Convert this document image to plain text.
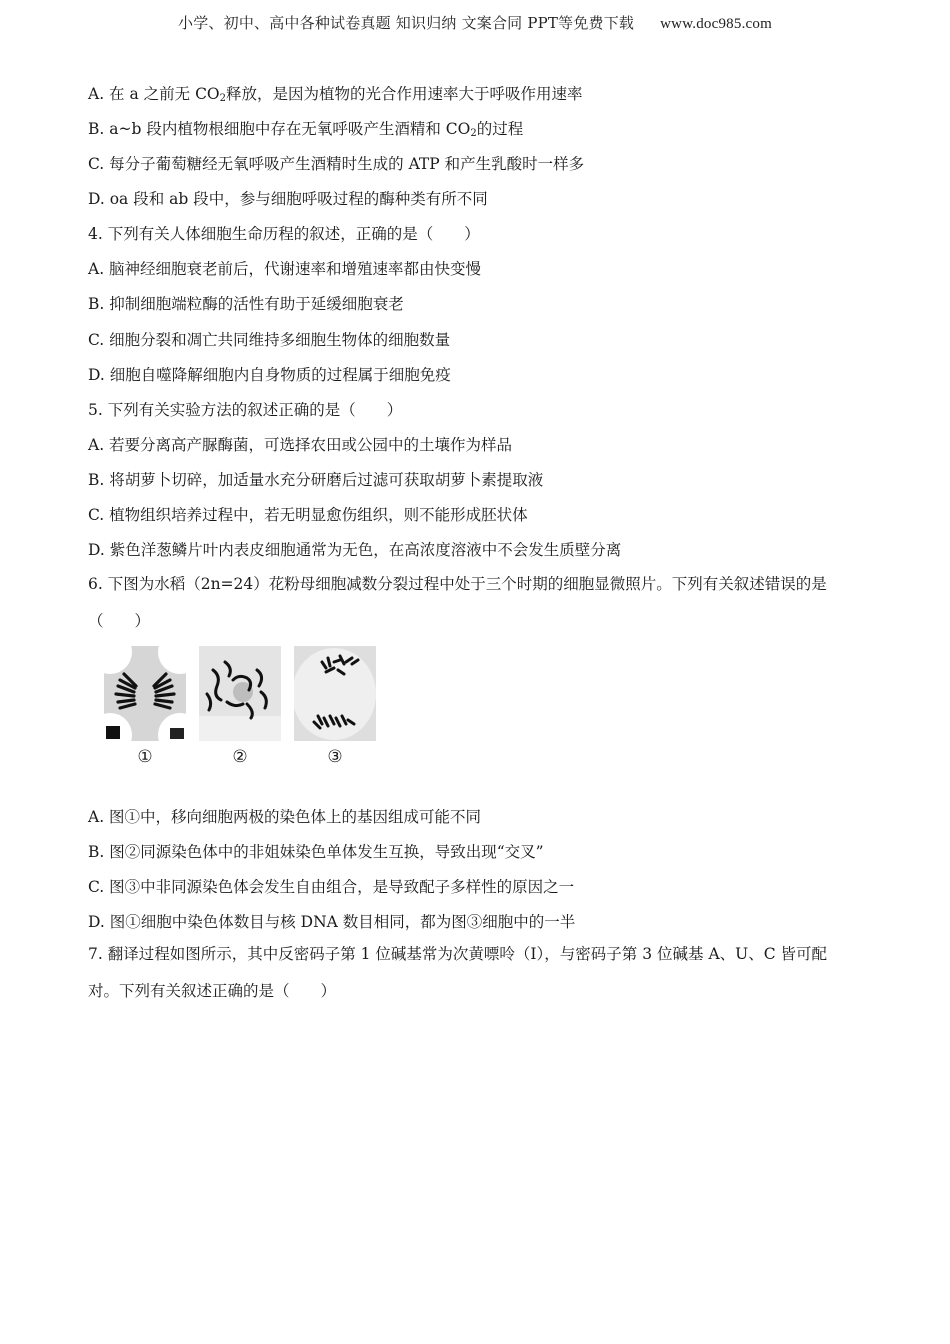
小学、初中、高中各种试卷真题 知识归纳 文案合同 PPT等免费下载 www.doc985.com
A. 在 a 之前无 $CO_2$释放，是因为植物的光合作用速率大于呼吸作用速率
B. a~b 段内植物根细胞中存在无氧呼吸产生酒精和 $CO_2$的过程
C. 每分子葡萄糖经无氧呼吸产生酒精时生成的 ATP 和产生乳酸时一样多
D. oa 段和 ab 段中，参与细胞呼吸过程的酶种类有所不同
4. 下列有关人体细胞生命历程的叙述，正确的是（　　）
A. 脑神经细胞衰老前后，代谢速率和增殖速率都由快变慢
B. 抑制细胞端粒酶的活性有助于延缓细胞衰老
C. 细胞分裂和凋亡共同维持多细胞生物体的细胞数量
D. 细胞自噬降解细胞内自身物质的过程属于细胞免疫
5. 下列有关实验方法的叙述正确的是（　　）
A. 若要分离高产脲酶菌，可选择农田或公园中的土壤作为样品
B. 将胡萝卜切碎，加适量水充分研磨后过滤可获取胡萝卜素提取液
C. 植物组织培养过程中，若无明显愈伤组织，则不能形成胚状体
D. 紫色洋葱鳞片叶内表皮细胞通常为无色，在高浓度溶液中不会发生质壁分离
6. 下图为水稻（2n=24）花粉母细胞减数分裂过程中处于三个时期的细胞显微照片。下列有关叙述错误的是（　　）
①	②	③
A. 图①中，移向细胞两极的染色体上的基因组成可能不同
B. 图②同源染色体中的非姐妹染色单体发生互换，导致出现“交叉”
C. 图③中非同源染色体会发生自由组合，是导致配子多样性的原因之一
D. 图①细胞中染色体数目与核 DNA 数目相同，都为图③细胞中的一半
7. 翻译过程如图所示，其中反密码子第 1 位碱基常为次黄嘌呤（I），与密码子第 3 位碱基 A、U、C 皆可配对。下列有关叙述正确的是（　　）
